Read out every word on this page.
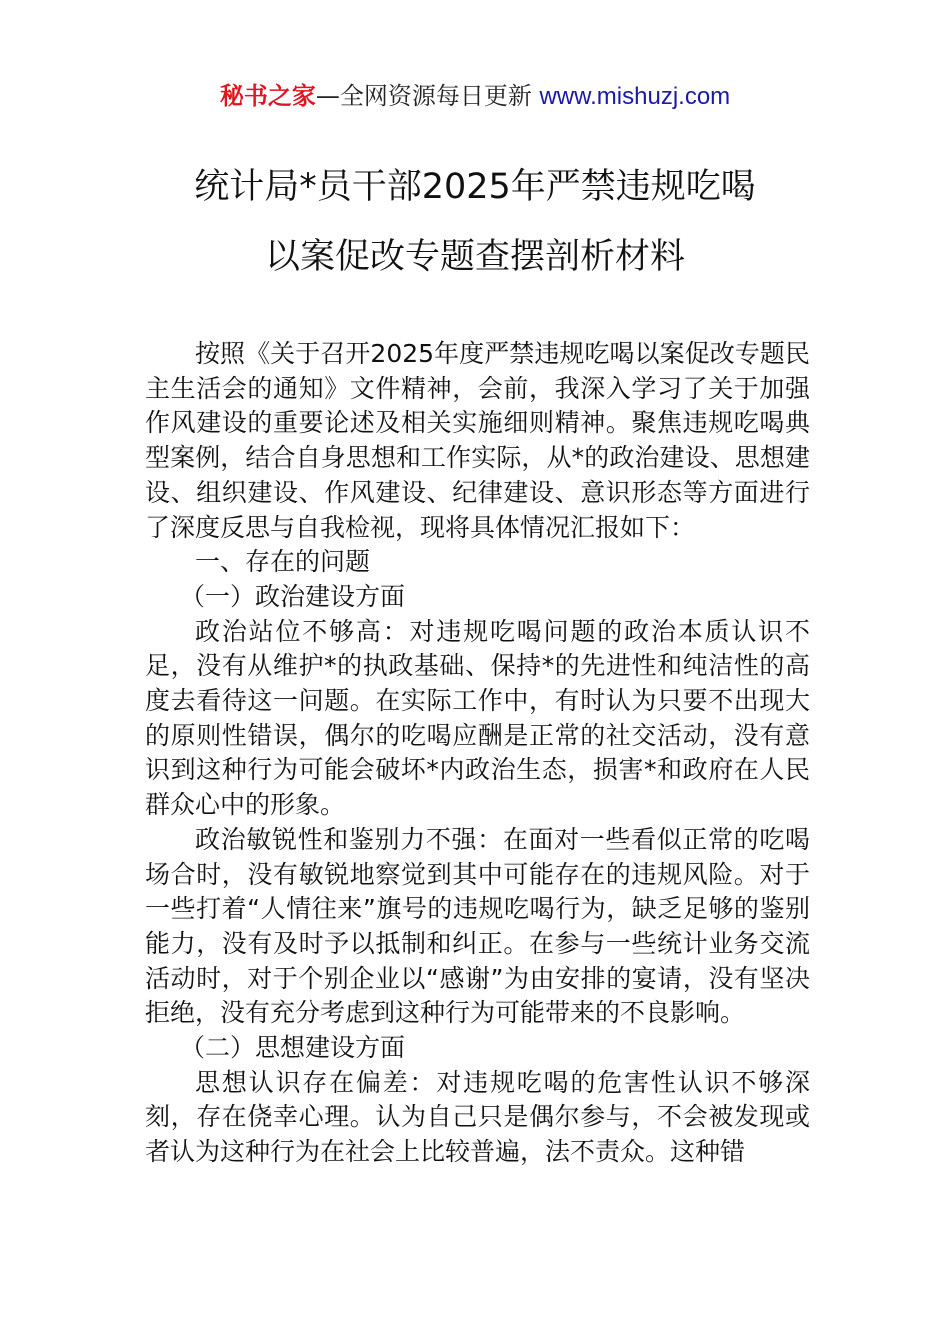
秘书之家—全网资源每日更新 www.mishuzj.com
统计局*员干部2025年严禁违规吃喝
以案促改专题查摆剖析材料

按照《关于召开2025年度严禁违规吃喝以案促改专题民主生活会的通知》文件精神，会前，我深入学习了关于加强作风建设的重要论述及相关实施细则精神。聚焦违规吃喝典型案例，结合自身思想和工作实际，从*的政治建设、思想建设、组织建设、作风建设、纪律建设、意识形态等方面进行了深度反思与自我检视，现将具体情况汇报如下：

一、存在的问题

（一）政治建设方面

政治站位不够高：对违规吃喝问题的政治本质认识不足，没有从维护*的执政基础、保持*的先进性和纯洁性的高度去看待这一问题。在实际工作中，有时认为只要不出现大的原则性错误，偶尔的吃喝应酬是正常的社交活动，没有意识到这种行为可能会破坏*内政治生态，损害*和政府在人民群众心中的形象。

政治敏锐性和鉴别力不强：在面对一些看似正常的吃喝场合时，没有敏锐地察觉到其中可能存在的违规风险。对于一些打着“人情往来”旗号的违规吃喝行为，缺乏足够的鉴别能力，没有及时予以抵制和纠正。在参与一些统计业务交流活动时，对于个别企业以“感谢”为由安排的宴请，没有坚决拒绝，没有充分考虑到这种行为可能带来的不良影响。

（二）思想建设方面

思想认识存在偏差：对违规吃喝的危害性认识不够深刻，存在侥幸心理。认为自己只是偶尔参与，不会被发现或者认为这种行为在社会上比较普遍，法不责众。这种错
